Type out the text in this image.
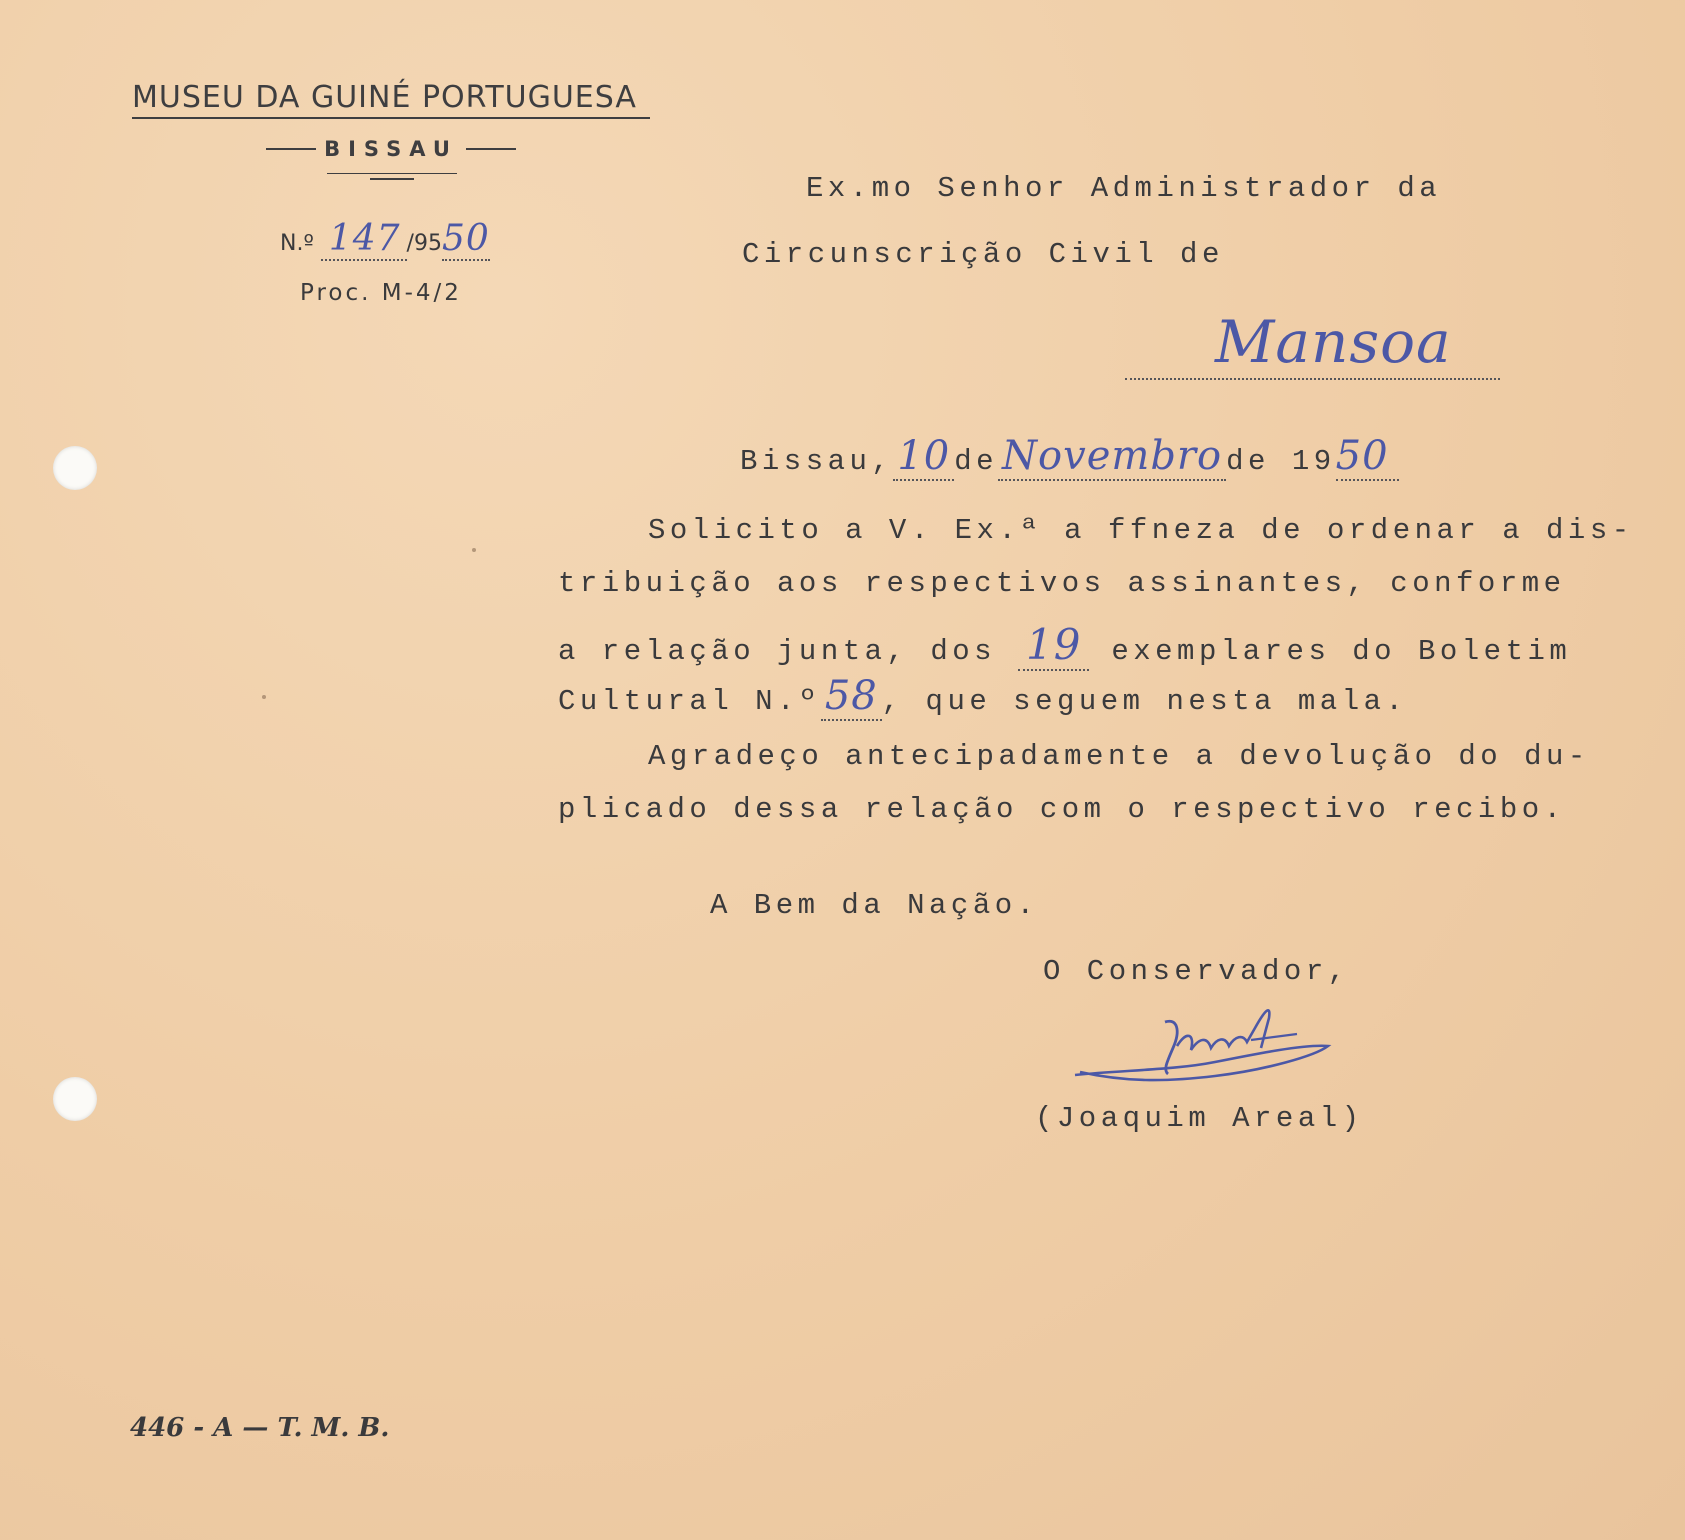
MUSEU DA GUINÉ PORTUGUESA
BISSAU
N.º 147 /9550
Proc. M-4/2
Ex.mo Senhor Administrador da
Circunscrição Civil de
Mansoa
Bissau, 10 de Novembro de 1950
Solicito a V. Ex.ª a ffneza de ordenar a dis-
tribuição aos respectivos assinantes, conforme
a relação junta, dos 19 exemplares do Boletim
Cultural N.º 58 , que seguem nesta mala.
Agradeço antecipadamente a devolução do du-
plicado dessa relação com o respectivo recibo.
A Bem da Nação.
O Conservador,
(Joaquim Areal)
446 - A — T. M. B.
